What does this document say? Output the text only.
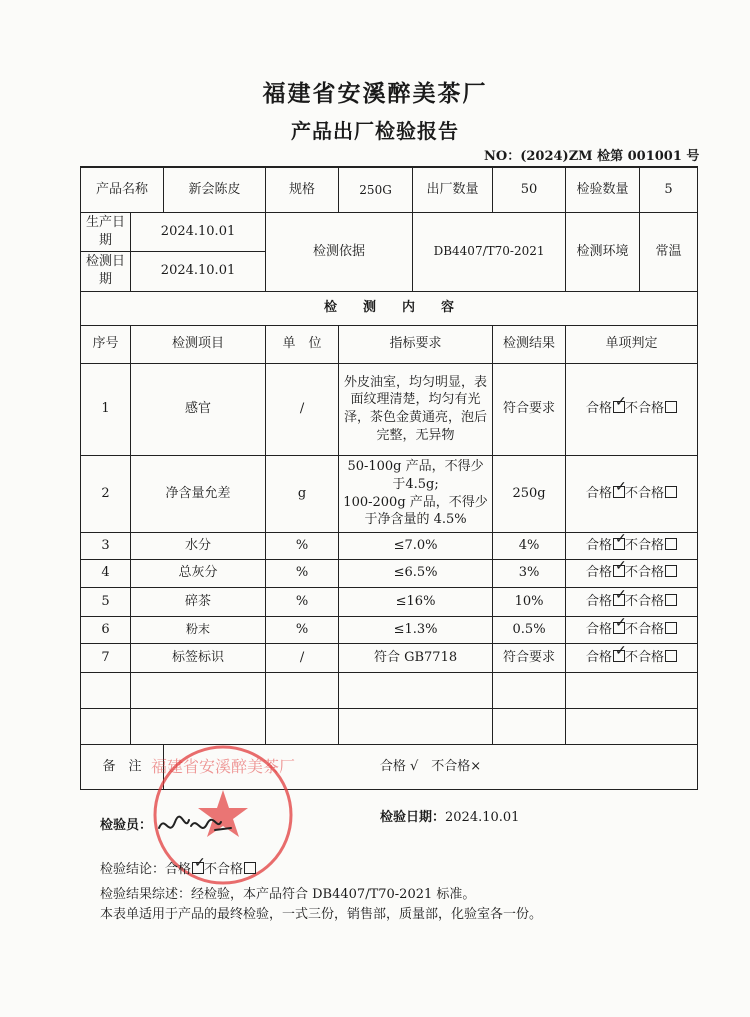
福建省安溪醉美茶厂
产品出厂检验报告
NO：(2024)ZM 检第 001001 号
产品名称		新会陈皮	规格	250G	出厂数量	50	检验数量	5
生产日期	2024.10.01		检测依据		DB4407/T70-2021		检测环境	常温
检测日期	2024.10.01							
检　　测　　内　　容								
序号	检测项目		单　位	指标要求		检测结果	单项判定	
1	感官		/	外皮油室，均匀明显，表面纹理清楚，均匀有光泽，茶色金黄通亮，泡后完整，无异物		符合要求	合格 ✓
不合格	
2	净含量允差		g	50-100g 产品，不得少于4.5g;
100-200g 产品，不得少于净含量的 4.5%		250g	合格 ✓
不合格	
3	水分		%	≤7.0%		4%	合格 ✓
不合格	
4	总灰分		%	≤6.5%		3%	合格 ✓
不合格	
5	碎茶		%	≤16%		10%	合格 ✓
不合格	
6	粉末		%	≤1.3%		0.5%	合格 ✓
不合格	
7	标签标识		/	符合 GB7718		符合要求	合格 ✓
不合格	

备　注		合格 √　不合格×						
福建省安溪醉美茶厂
检验员：
检验日期：2024.10.01
检验结论：合格 ✓
不合格
检验结果综述：经检验，本产品符合 DB4407/T70-2021 标准。
本表单适用于产品的最终检验，一式三份，销售部，质量部，化验室各一份。
